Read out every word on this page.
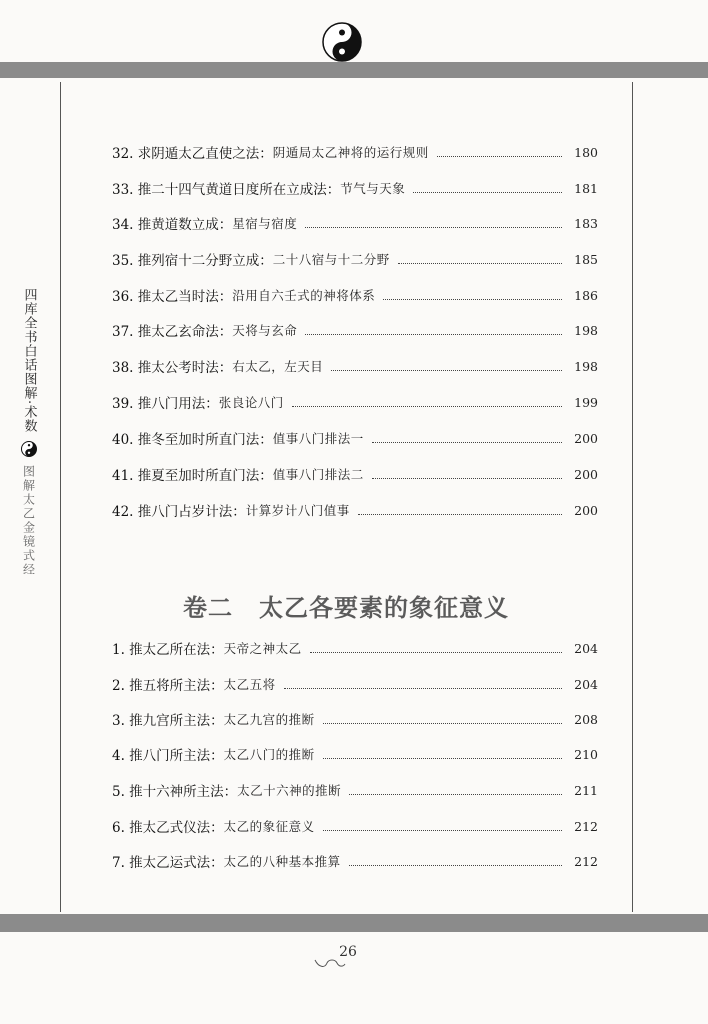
四库全书白话图解·术数
图解太乙金镜式经
32. 求阴遁太乙直使之法： 阴遁局太乙神将的运行规则	180
33. 推二十四气黄道日度所在立成法： 节气与天象	181
34. 推黄道数立成： 星宿与宿度	183
35. 推列宿十二分野立成： 二十八宿与十二分野	185
36. 推太乙当时法： 沿用自六壬式的神将体系	186
37. 推太乙玄命法： 天将与玄命	198
38. 推太公考时法： 右太乙，左天目	198
39. 推八门用法： 张良论八门	199
40. 推冬至加时所直门法： 值事八门排法一	200
41. 推夏至加时所直门法： 值事八门排法二	200
42. 推八门占岁计法： 计算岁计八门值事	200
卷二 太乙各要素的象征意义
1. 推太乙所在法： 天帝之神太乙	204
2. 推五将所主法： 太乙五将	204
3. 推九宫所主法： 太乙九宫的推断	208
4. 推八门所主法： 太乙八门的推断	210
5. 推十六神所主法： 太乙十六神的推断	211
6. 推太乙式仪法： 太乙的象征意义	212
7. 推太乙运式法： 太乙的八种基本推算	212
26
